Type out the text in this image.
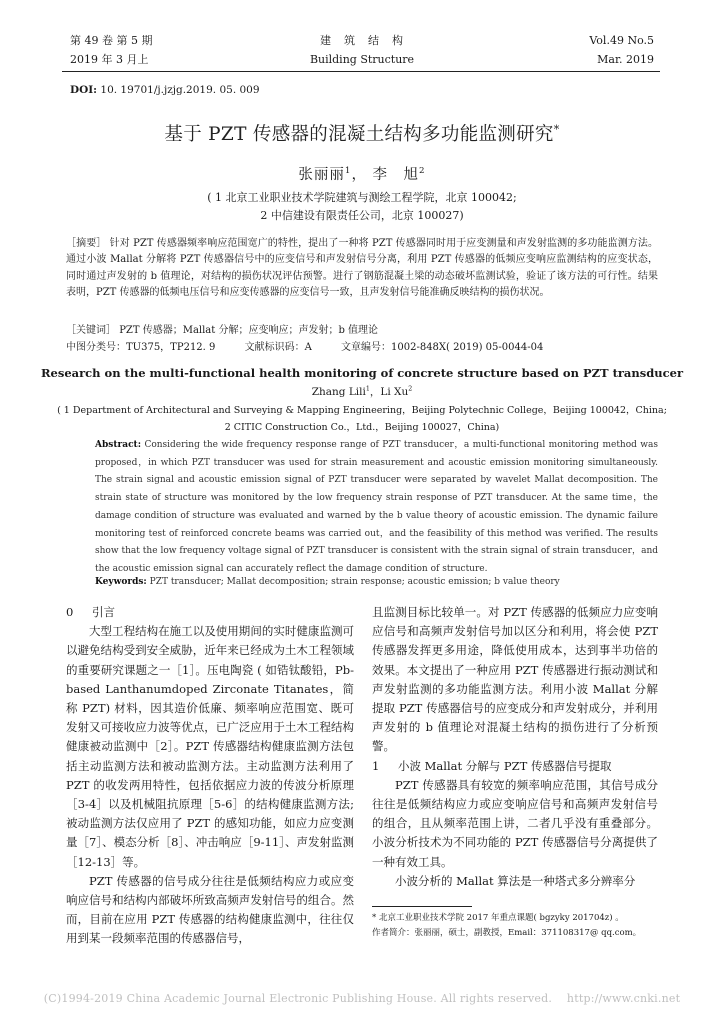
第 49 卷 第 5 期
2019 年 3 月上
建　筑　结　构
Building Structure
Vol.49 No.5
Mar. 2019
DOI: 10. 19701/j.jzjg.2019. 05. 009
基于 PZT 传感器的混凝土结构多功能监测研究*
张丽丽$^1$， 李　旭$^2$
( 1 北京工业职业技术学院建筑与测绘工程学院，北京 100042;
2 中信建设有限责任公司，北京 100027)
［摘要］ 针对 PZT 传感器频率响应范围宽广的特性，提出了一种将 PZT 传感器同时用于应变测量和声发射监测的多功能监测方法。通过小波 Mallat 分解将 PZT 传感器信号中的应变信号和声发射信号分离，利用 PZT 传感器的低频应变响应监测结构的应变状态，同时通过声发射的 b 值理论，对结构的损伤状况评估预警。进行了钢筋混凝土梁的动态破坏监测试验，验证了该方法的可行性。结果表明，PZT 传感器的低频电压信号和应变传感器的应变信号一致，且声发射信号能准确反映结构的损伤状况。
［关键词］ PZT 传感器；Mallat 分解；应变响应；声发射；b 值理论
中图分类号：TU375，TP212. 9	文献标识码：A	文章编号：1002-848X( 2019) 05-0044-04
Research on the multi-functional health monitoring of concrete structure based on PZT transducer
Zhang Lili$^1$，Li Xu$^2$
( 1 Department of Architectural and Surveying & Mapping Engineering，Beijing Polytechnic College，Beijing 100042，China;
2 CITIC Construction Co.，Ltd.，Beijing 100027，China)
Abstract: Considering the wide frequency response range of PZT transducer，a multi-functional monitoring method was proposed，in which PZT transducer was used for strain measurement and acoustic emission monitoring simultaneously. The strain signal and acoustic emission signal of PZT transducer were separated by wavelet Mallat decomposition. The strain state of structure was monitored by the low frequency strain response of PZT transducer. At the same time，the damage condition of structure was evaluated and warned by the b value theory of acoustic emission. The dynamic failure monitoring test of reinforced concrete beams was carried out，and the feasibility of this method was verified. The results show that the low frequency voltage signal of PZT transducer is consistent with the strain signal of strain transducer，and the acoustic emission signal can accurately reflect the damage condition of structure.
Keywords: PZT transducer; Mallat decomposition; strain response; acoustic emission; b value theory

0 引言

大型工程结构在施工以及使用期间的实时健康监测可以避免结构受到安全威胁，近年来已经成为土木工程领域的重要研究课题之一［1］。压电陶瓷 ( 如锆钛酸铅，Pb-based Lanthanumdoped Zirconate Titanates，简称 PZT) 材料，因其造价低廉、频率响应范围宽、既可发射又可接收应力波等优点，已广泛应用于土木工程结构健康被动监测中［2］。PZT 传感器结构健康监测方法包括主动监测方法和被动监测方法。主动监测方法利用了 PZT 的收发两用特性，包括依据应力波的传波分析原理［3-4］以及机械阻抗原理［5-6］的结构健康监测方法; 被动监测方法仅应用了 PZT 的感知功能，如应力应变测量［7］、模态分析［8］、冲击响应［9-11］、声发射监测［12-13］等。

PZT 传感器的信号成分往往是低频结构应力或应变响应信号和结构内部破坏所致高频声发射信号的组合。然而，目前在应用 PZT 传感器的结构健康监测中，往往仅用到某一段频率范围的传感器信号，

且监测目标比较单一。对 PZT 传感器的低频应力应变响应信号和高频声发射信号加以区分和利用，将会使 PZT 传感器发挥更多用途，降低使用成本，达到事半功倍的效果。本文提出了一种应用 PZT 传感器进行振动测试和声发射监测的多功能监测方法。利用小波 Mallat 分解提取 PZT 传感器信号的应变成分和声发射成分，并利用声发射的 b 值理论对混凝土结构的损伤进行了分析预警。

1 小波 Mallat 分解与 PZT 传感器信号提取

PZT 传感器具有较宽的频率响应范围，其信号成分往往是低频结构应力或应变响应信号和高频声发射信号的组合，且从频率范围上讲，二者几乎没有重叠部分。小波分析技术为不同功能的 PZT 传感器信号分离提供了一种有效工具。

小波分析的 Mallat 算法是一种塔式多分辨率分

* 北京工业职业技术学院 2017 年重点课题( bgzyky 201704z) 。
作者简介：张丽丽，硕士，副教授，Email：371108317@ qq.com。
(C)1994-2019 China Academic Journal Electronic Publishing House. All rights reserved.　 http://www.cnki.net
